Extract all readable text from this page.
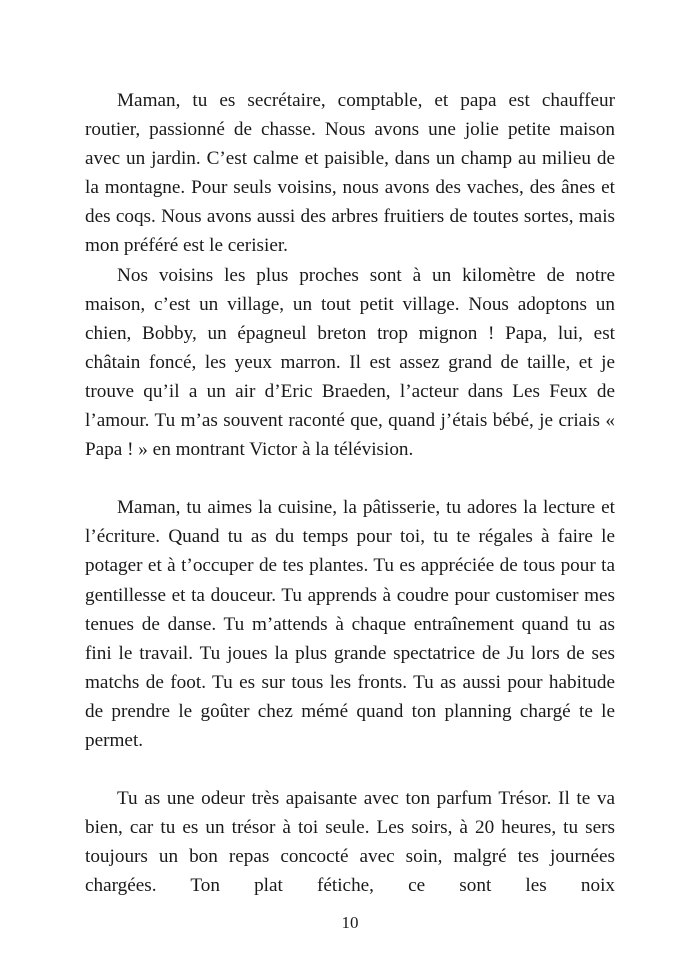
Maman, tu es secrétaire, comptable, et papa est chauffeur routier, passionné de chasse. Nous avons une jolie petite maison avec un jardin. C’est calme et paisible, dans un champ au milieu de la montagne. Pour seuls voisins, nous avons des vaches, des ânes et des coqs. Nous avons aussi des arbres fruitiers de toutes sortes, mais mon préféré est le cerisier.

Nos voisins les plus proches sont à un kilomètre de notre maison, c’est un village, un tout petit village. Nous adoptons un chien, Bobby, un épagneul breton trop mignon ! Papa, lui, est châtain foncé, les yeux marron. Il est assez grand de taille, et je trouve qu’il a un air d’Eric Braeden, l’acteur dans Les Feux de l’amour. Tu m’as souvent raconté que, quand j’étais bébé, je criais « Papa ! » en montrant Victor à la télévision.

Maman, tu aimes la cuisine, la pâtisserie, tu adores la lecture et l’écriture. Quand tu as du temps pour toi, tu te régales à faire le potager et à t’occuper de tes plantes. Tu es appréciée de tous pour ta gentillesse et ta douceur. Tu apprends à coudre pour customiser mes tenues de danse. Tu m’attends à chaque entraînement quand tu as fini le travail. Tu joues la plus grande spectatrice de Ju lors de ses matchs de foot. Tu es sur tous les fronts. Tu as aussi pour habitude de prendre le goûter chez mémé quand ton planning chargé te le permet.

Tu as une odeur très apaisante avec ton parfum Trésor. Il te va bien, car tu es un trésor à toi seule. Les soirs, à 20 heures, tu sers toujours un bon repas concocté avec soin, malgré tes journées chargées. Ton plat fétiche, ce sont les noix

10
